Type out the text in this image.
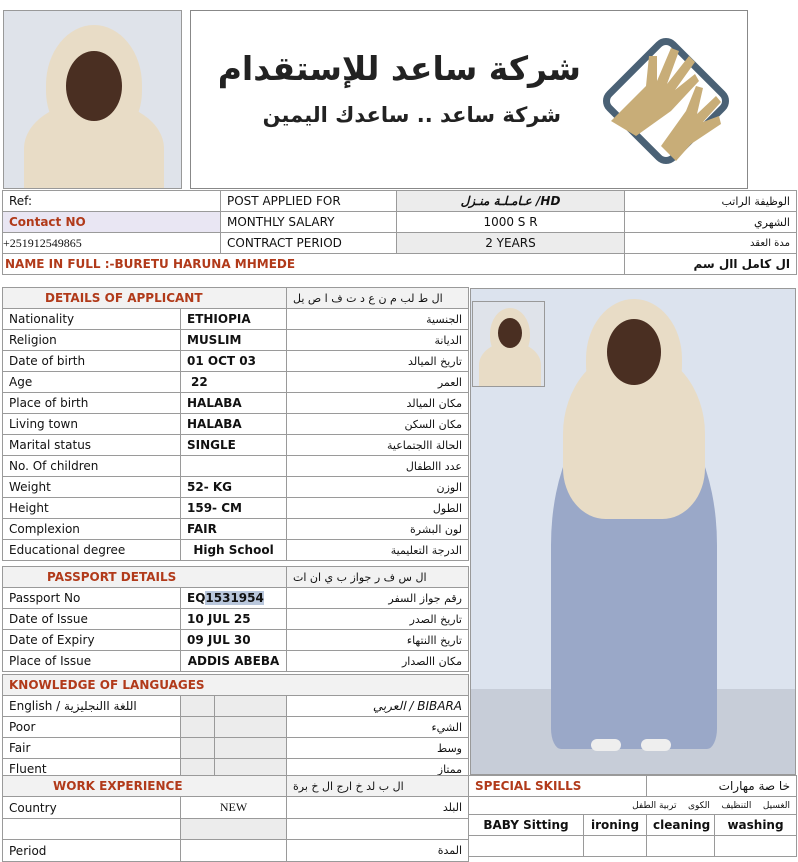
شركة ساعد للإستقدام
شركة ساعد .. ساعدك اليمين
Ref:	POST APPLIED FOR	HD/ عـامـلـة منـزل	الوظيفة الراتب
Contact NO	MONTHLY SALARY	1000 S R	الشهري
+251912549865	CONTRACT PERIOD	2 YEARS	مدة العقد
NAME IN FULL :-BURETU HARUNA MHMEDE			ال كامل اال سم
DETAILS OF APPLICANT		ال ط لب م ن ع د ت ف ا ص يل
Nationality	ETHIOPIA	الجنسية
Religion	MUSLIM	الديانة
Date of birth	01 OCT 03	تاريخ الميالد
Age	22	العمر
Place of birth	HALABA	مكان الميالد
Living town	HALABA	مكان السكن
Marital status	SINGLE	الحالة االجتماعية
No. Of children		عدد االطفال
Weight	52- KG	الوزن
Height	159- CM	الطول
Complexion	FAIR	لون البشرة
Educational degree	High School	الدرجة التعليمية
PASSPORT DETAILS		ال س ف ر جواز ب ي ان ات
Passport No	EQ1531954	رقم جواز السفر
Date of Issue	10 JUL 25	تاريخ الصدر
Date of Expiry	09 JUL 30	تاريخ االنتهاء
Place of Issue	ADDIS ABEBA	مكان االصدار
KNOWLEDGE OF LANGUAGES			
English / اللغة االنجليزية			BIBARA / العربي
Poor			الشيء
Fair			وسط
Fluent			ممتاز
WORK EXPERIENCE		ال ب لد خ ارج ال خ برة
Country	NEW	البلد

Period		المدة
SPECIAL SKILLS		خا صة مهارات	
الغسيل    التنظيف    الكوى    تربية الطفل			
BABY Sitting	ironing	cleaning	washing
